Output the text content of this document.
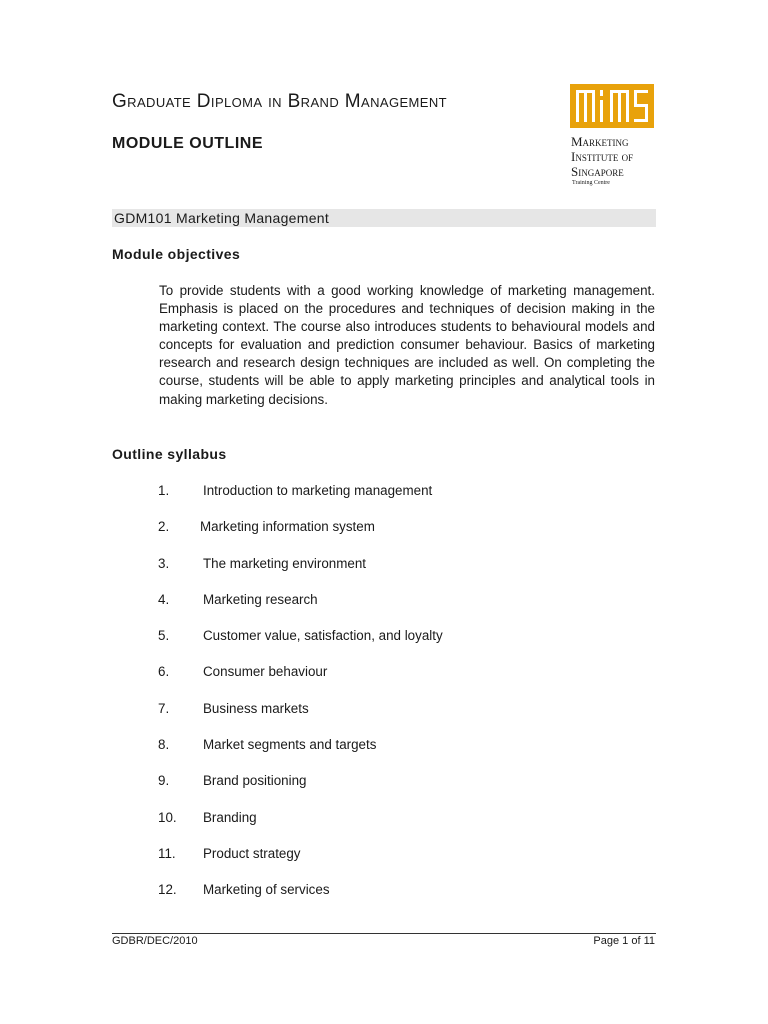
Graduate Diploma in Brand Management
MODULE OUTLINE	Marketing
Institute of
Singapore
Training Centre
GDM101 Marketing Management
Module objectives

To provide students with a good working knowledge of marketing management. Emphasis is placed on the procedures and techniques of decision making in the marketing context. The course also introduces students to behavioural models and concepts for evaluation and prediction consumer behaviour. Basics of marketing research and research design techniques are included as well. On completing the course, students will be able to apply marketing principles and analytical tools in making marketing decisions.

Outline syllabus
1.	Introduction to marketing management
2. Marketing information system
3.	The marketing environment
4.	Marketing research
5.	Customer value, satisfaction, and loyalty
6.	Consumer behaviour
7.	Business markets
8.	Market segments and targets
9.	Brand positioning
10. Branding
11. Product strategy
12. Marketing of services
GDBR/DEC/2010	Page 1 of 11
